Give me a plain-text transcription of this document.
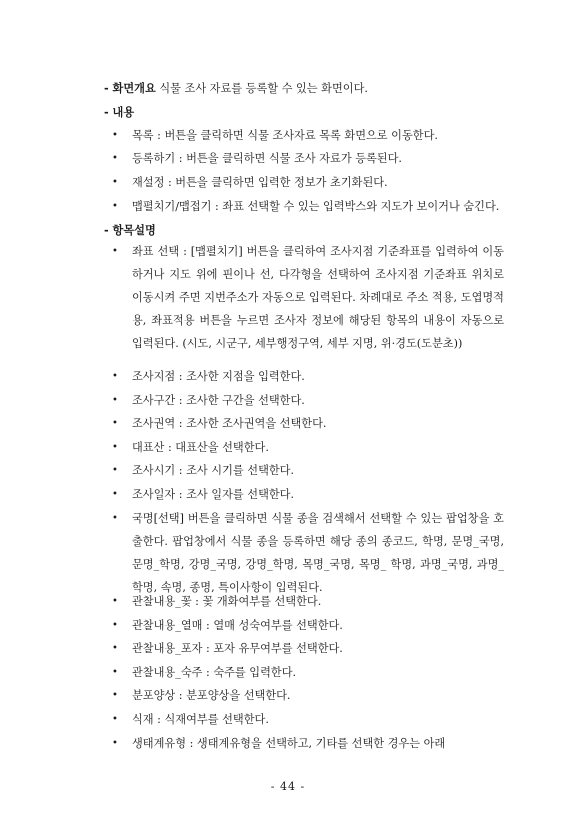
- 화면개요 식물 조사 자료를 등록할 수 있는 화면이다.
- 내용
• 목록 : 버튼을 클릭하면 식물 조사자료 목록 화면으로 이동한다.
• 등록하기 : 버튼을 클릭하면 식물 조사 자료가 등록된다.
• 재설정 : 버튼을 클릭하면 입력한 정보가 초기화된다.
• 맵펼치기/맵접기 : 좌표 선택할 수 있는 입력박스와 지도가 보이거나 숨긴다.
- 항목설명
• 좌표 선택 : [맵펼치기] 버튼을 클릭하여 조사지점 기준좌표를 입력하여 이동하거나 지도 위에 핀이나 선, 다각형을 선택하여 조사지점 기준좌표 위치로 이동시켜 주면 지번주소가 자동으로 입력된다. 차례대로 주소 적용, 도엽명적용, 좌표적용 버튼을 누르면 조사자 정보에 해당된 항목의 내용이 자동으로 입력된다. (시도, 시군구, 세부행정구역, 세부 지명, 위·경도(도분초))
• 조사지점 : 조사한 지점을 입력한다.
• 조사구간 : 조사한 구간을 선택한다.
• 조사권역 : 조사한 조사권역을 선택한다.
• 대표산 : 대표산을 선택한다.
• 조사시기 : 조사 시기를 선택한다.
• 조사일자 : 조사 일자를 선택한다.
• 국명[선택] 버튼을 클릭하면 식물 종을 검색해서 선택할 수 있는 팝업창을 호출한다. 팝업창에서 식물 종을 등록하면 해당 종의 종코드, 학명, 문명_국명, 문명_학명, 강명_국명, 강명_학명, 목명_국명, 목명_ 학명, 과명_국명, 과명_학명, 속명, 종명, 특이사항이 입력된다.
• 관찰내용_꽃 : 꽃 개화여부를 선택한다.
• 관찰내용_열매 : 열매 성숙여부를 선택한다.
• 관찰내용_포자 : 포자 유무여부를 선택한다.
• 관찰내용_숙주 : 숙주를 입력한다.
• 분포양상 : 분포양상을 선택한다.
• 식재 : 식재여부를 선택한다.
• 생태계유형 : 생태계유형을 선택하고, 기타를 선택한 경우는 아래
- 44 -
